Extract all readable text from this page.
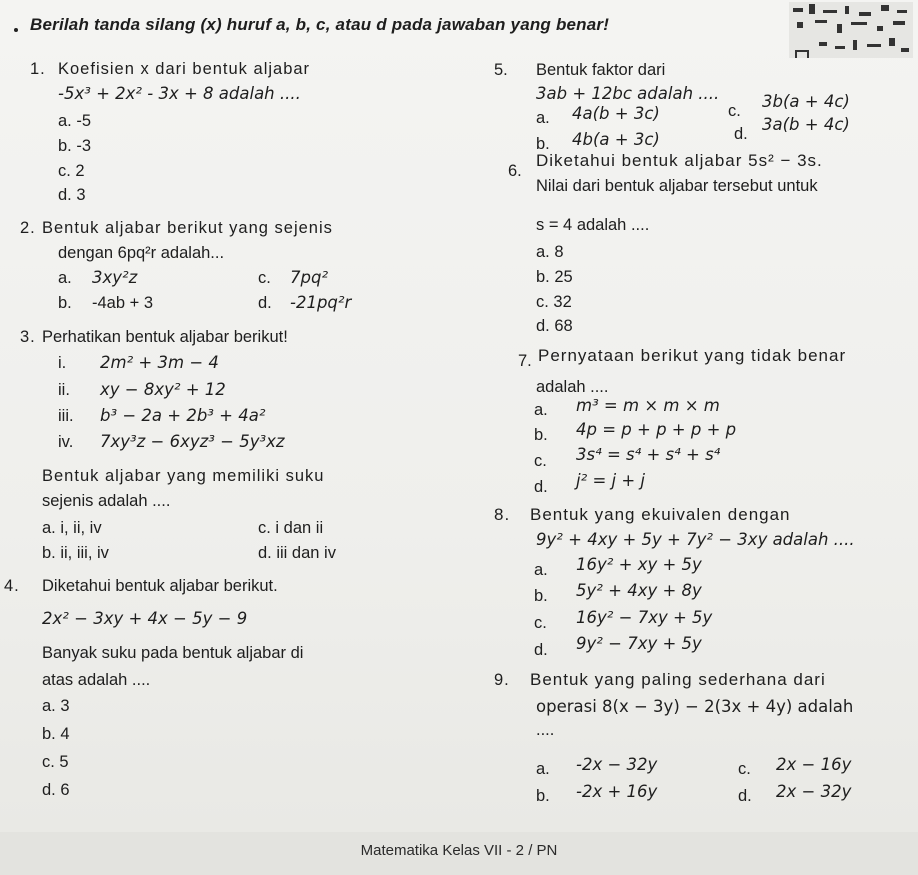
Berilah tanda silang (x) huruf a, b, c, atau d pada jawaban yang benar!
1. Koefisien x dari bentuk aljabar
-5x³ + 2x² - 3x + 8 adalah ....
a. -5
b. -3
c. 2
d. 3
2. Bentuk aljabar berikut yang sejenis
dengan 6pq²r adalah...
a. 3xy²z
b. -4ab + 3
c. 7pq²
d. -21pq²r
3. Perhatikan bentuk aljabar berikut!
i. 2m² + 3m − 4
ii. xy − 8xy² + 12
iii. b³ − 2a + 2b³ + 4a²
iv. 7xy³z − 6xyz³ − 5y³xz
Bentuk aljabar yang memiliki suku
sejenis adalah ....
a. i, ii, iv
b. ii, iii, iv
c. i dan ii
d. iii dan iv
4. Diketahui bentuk aljabar berikut.
2x² − 3xy + 4x − 5y − 9
Banyak suku pada bentuk aljabar di
atas adalah ....
a. 3
b. 4
c. 5
d. 6
5. Bentuk faktor dari
3ab + 12bc adalah ....
a. 4a(b + 3c)
b. 4b(a + 3c)
c. 3b(a + 4c)
d. 3a(b + 4c)
6.
Diketahui bentuk aljabar 5s² − 3s.
Nilai dari bentuk aljabar tersebut untuk
s = 4 adalah ....
a. 8
b. 25
c. 32
d. 68
7. Pernyataan berikut yang tidak benar
adalah ....
a. m³ = m × m × m
b. 4p = p + p + p + p
c. 3s⁴ = s⁴ + s⁴ + s⁴
d. j² = j + j
8. Bentuk yang ekuivalen dengan
9y² + 4xy + 5y + 7y² − 3xy adalah ....
a. 16y² + xy + 5y
b. 5y² + 4xy + 8y
c. 16y² − 7xy + 5y
d. 9y² − 7xy + 5y
9. Bentuk yang paling sederhana dari
operasi 8(x − 3y) − 2(3x + 4y) adalah
....
a. -2x − 32y
b. -2x + 16y
c. 2x − 16y
d. 2x − 32y
Matematika Kelas VII - 2 / PN
